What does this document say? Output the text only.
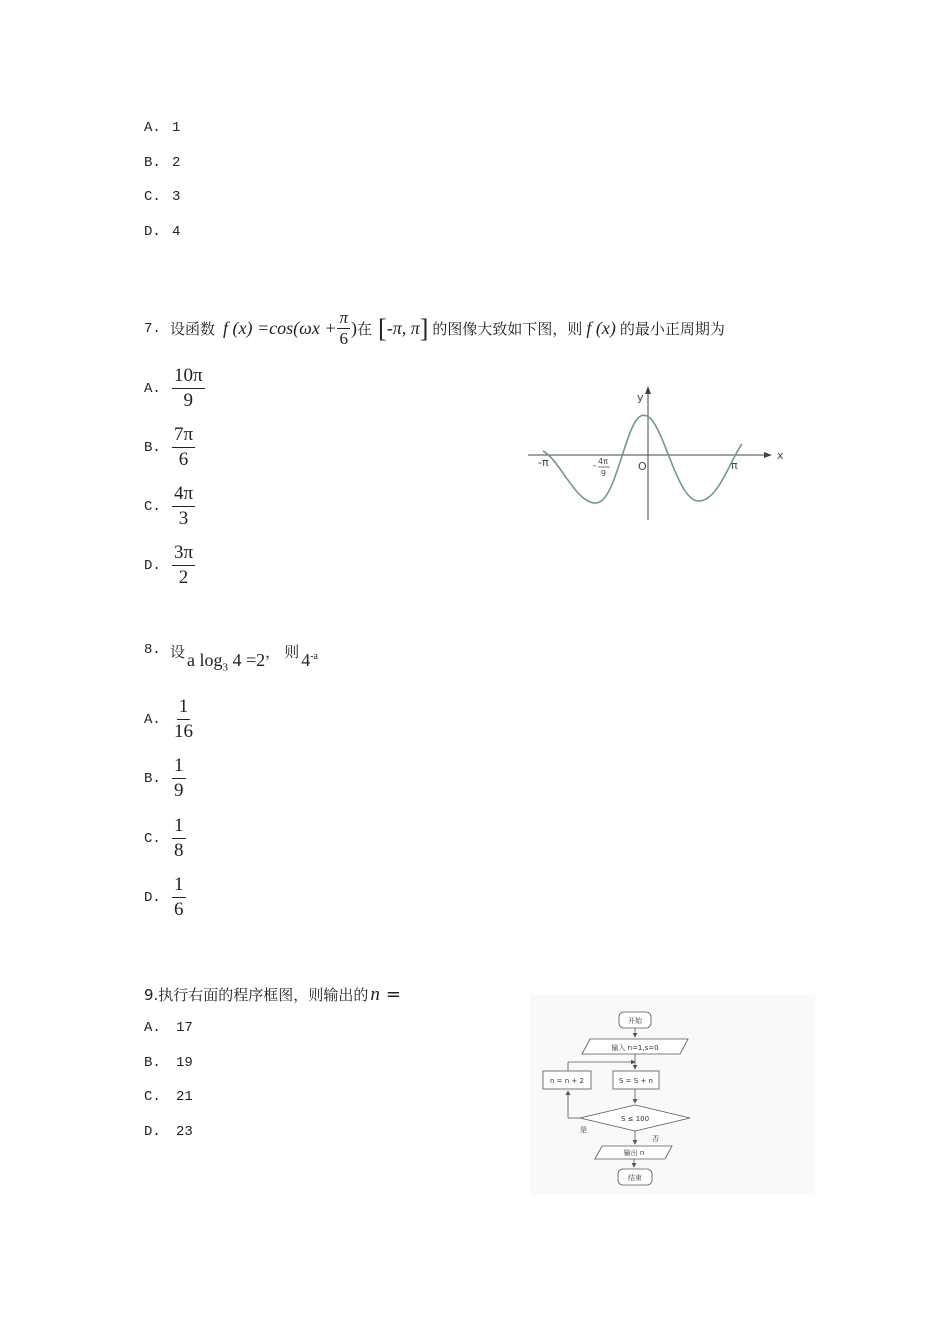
A. 1
B. 2
C. 3
D. 4
7. 设函数 f $(x) =\cos(\omega x + \frac{\pi}{6}$ ) 在 [ -π, π ] 的图像大致如下图，则 f (x) 的最小正周期为
A. $\frac{10\pi}{9}$
B. $\frac{7\pi}{6}$
C. $\frac{4\pi}{3}$
D. $\frac{3\pi}{2}$
x
y
O
-π	π
- 4π
9
8. 设 a $\log_3 4 =2$ ， 则 $4^{-a}$
A. $\frac{1}{16}$
B. $\frac{1}{9}$
C. $\frac{1}{8}$
D. $\frac{1}{6}$
9.执行右面的程序框图，则输出的 n =
A. 17
B. 19
C. 21
D. 23
开始
输入 n=1,s=0
n = n + 2	S = S + n
S ≤ 100
是
否
输出 n
结束
